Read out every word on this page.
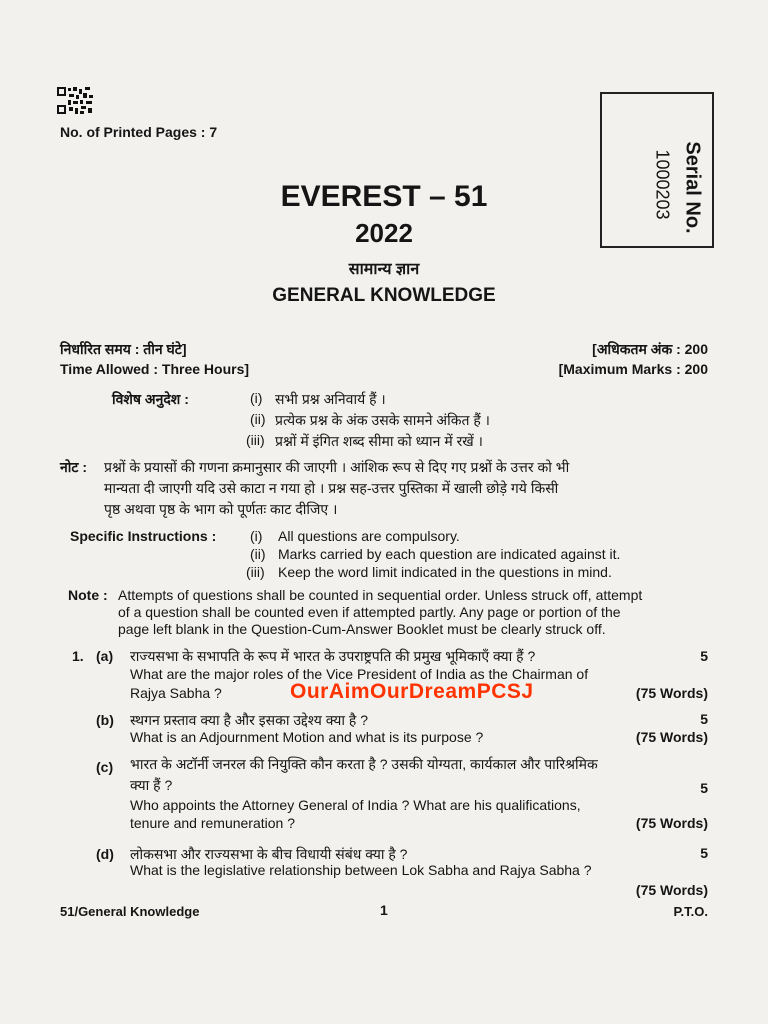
No. of Printed Pages : 7
Serial No.
1000203
EVEREST – 51
2022
सामान्य ज्ञान
GENERAL KNOWLEDGE
निर्धारित समय : तीन घंटे]	[अधिकतम अंक : 200
Time Allowed : Three Hours]	[Maximum Marks : 200
विशेष अनुदेश :	(i) सभी प्रश्न अनिवार्य हैं ।
(ii) प्रत्येक प्रश्न के अंक उसके सामने अंकित हैं ।
(iii) प्रश्नों में इंगित शब्द सीमा को ध्यान में रखें ।
नोट : प्रश्नों के प्रयासों की गणना क्रमानुसार की जाएगी । आंशिक रूप से दिए गए प्रश्नों के उत्तर को भी
मान्यता दी जाएगी यदि उसे काटा न गया हो । प्रश्न सह-उत्तर पुस्तिका में खाली छोड़े गये किसी
पृष्ठ अथवा पृष्ठ के भाग को पूर्णतः काट दीजिए ।
Specific Instructions : (i) All questions are compulsory.
(ii) Marks carried by each question are indicated against it.
(iii) Keep the word limit indicated in the questions in mind.
Note : Attempts of questions shall be counted in sequential order. Unless struck off, attempt
of a question shall be counted even if attempted partly. Any page or portion of the
page left blank in the Question-Cum-Answer Booklet must be clearly struck off.
1. (a) राज्यसभा के सभापति के रूप में भारत के उपराष्ट्रपति की प्रमुख भूमिकाएँ क्या हैं ?	5
What are the major roles of the Vice President of India as the Chairman of
Rajya Sabha ?	OurAimOurDreamPCSJ	(75 Words)
(b) स्थगन प्रस्ताव क्या है और इसका उद्देश्य क्या है ?	5
What is an Adjournment Motion and what is its purpose ?	(75 Words)
(c) भारत के अटॉर्नी जनरल की नियुक्ति कौन करता है ? उसकी योग्यता, कार्यकाल और पारिश्रमिक
क्या हैं ?	5
Who appoints the Attorney General of India ? What are his qualifications,
tenure and remuneration ?	(75 Words)
(d) लोकसभा और राज्यसभा के बीच विधायी संबंध क्या है ?	5
What is the legislative relationship between Lok Sabha and Rajya Sabha ?
(75 Words)
51/General Knowledge	1	P.T.O.
